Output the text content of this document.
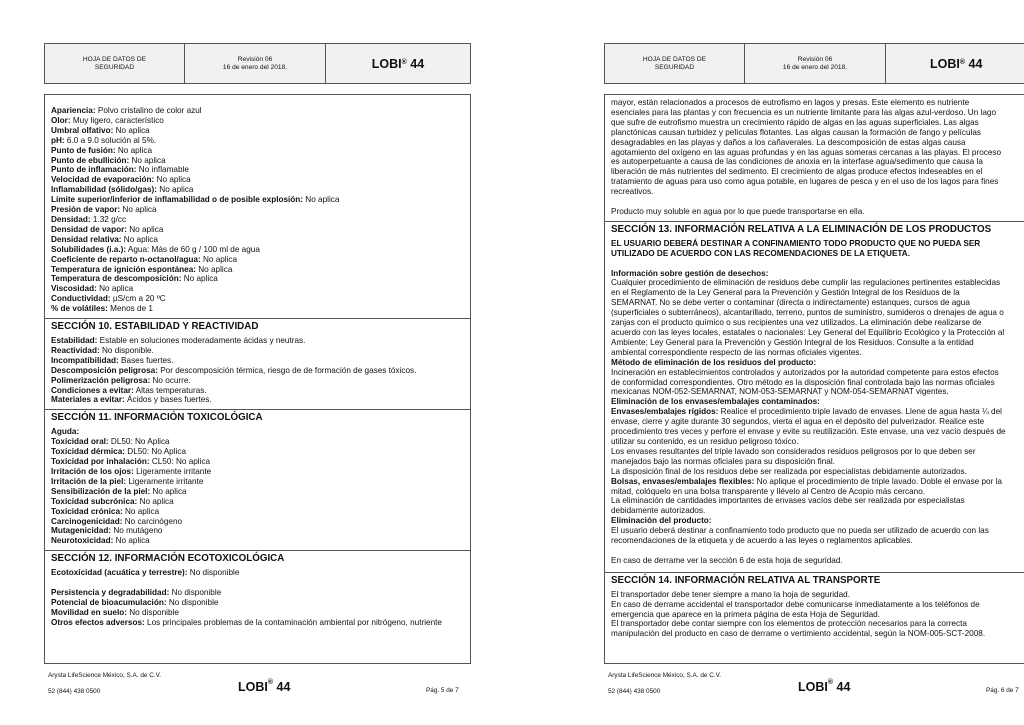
HOJA DE DATOS DE
SEGURIDAD
Revisión 06
16 de enero del 2018.	LOBI® 44
Apariencia: Polvo cristalino de color azul
Olor: Muy ligero, característico
Umbral olfativo: No aplica
pH: 6.0 a 9.0 solución al 5%.
Punto de fusión: No aplica
Punto de ebullición: No aplica
Punto de inflamación: No inflamable
Velocidad de evaporación: No aplica
Inflamabilidad (sólido/gas): No aplica
Límite superior/inferior de inflamabilidad o de posible explosión: No aplica
Presión de vapor: No aplica
Densidad: 1.32 g/cc
Densidad de vapor: No aplica
Densidad relativa: No aplica
Solubilidades (i.a.): Agua: Más de 60 g / 100 ml de agua
Coeficiente de reparto n-octanol/agua: No aplica
Temperatura de ignición espontánea: No aplica
Temperatura de descomposición: No aplica
Viscosidad: No aplica
Conductividad: µS/cm a 20 ºC
% de volátiles: Menos de 1
SECCIÓN 10. ESTABILIDAD Y REACTIVIDAD
Estabilidad: Estable en soluciones moderadamente ácidas y neutras.
Reactividad: No disponible.
Incompatibilidad: Bases fuertes.
Descomposición peligrosa: Por descomposición térmica, riesgo de de formación de gases tóxicos.
Polimerización peligrosa: No ocurre.
Condiciones a evitar: Altas temperaturas.
Materiales a evitar: Ácidos y bases fuertes.
SECCIÓN 11. INFORMACIÓN TOXICOLÓGICA
Aguda:
Toxicidad oral: DL50: No Aplica
Toxicidad dérmica: DL50: No Aplica
Toxicidad por inhalación: CL50: No aplica
Irritación de los ojos: Ligeramente irritante
Irritación de la piel: Ligeramente irritante
Sensibilización de la piel: No aplica
Toxicidad subcrónica: No aplica
Toxicidad crónica: No aplica
Carcinogenicidad: No carcinógeno
Mutagenicidad: No mutágeno
Neurotoxicidad: No aplica
SECCIÓN 12. INFORMACIÓN ECOTOXICOLÓGICA
Ecotoxicidad (acuática y terrestre): No disponible
Persistencia y degradabilidad: No disponible
Potencial de bioacumulación: No disponible
Movilidad en suelo: No disponible
Otros efectos adversos: Los principales problemas de la contaminación ambiental por nitrógeno, nutriente
Arysta LifeScience México, S.A. de C.V.
52 (844) 438 0500	LOBI® 44	Pág. 5 de 7
HOJA DE DATOS DE
SEGURIDAD
Revisión 06
16 de enero del 2018.	LOBI® 44
mayor, están relacionados a procesos de eutrofismo en lagos y presas. Este elemento es nutriente
esenciales para las plantas y con frecuencia es un nutriente limitante para las algas azul-verdoso. Un lago
que sufre de eutrofismo muestra un crecimiento rápido de algas en las aguas superficiales. Las algas
planctónicas causan turbidez y películas flotantes. Las algas causan la formación de fango y películas
desagradables en las playas y daños a los cañaverales. La descomposición de estas algas causa
agotamiento del oxígeno en las aguas profundas y en las aguas someras cercanas a las playas. El proceso
es autoperpetuante a causa de las condiciones de anoxia en la interfase agua/sedimento que causa la
liberación de más nutrientes del sedimento. El crecimiento de algas produce efectos indeseables en el
tratamiento de aguas para uso como agua potable, en lugares de pesca y en el uso de los lagos para fines
recreativos.
Producto muy soluble en agua por lo que puede transportarse en ella.
SECCIÓN 13. INFORMACIÓN RELATIVA A LA ELIMINACIÓN DE LOS PRODUCTOS
EL USUARIO DEBERÁ DESTINAR A CONFINAMIENTO TODO PRODUCTO QUE NO PUEDA SER
UTILIZADO DE ACUERDO CON LAS RECOMENDACIONES DE LA ETIQUETA.
Información sobre gestión de desechos:
Cualquier procedimiento de eliminación de residuos debe cumplir las regulaciones pertinentes establecidas
en el Reglamento de la Ley General para la Prevención y Gestión Integral de los Residuos de la
SEMARNAT. No se debe verter o contaminar (directa o indirectamente) estanques, cursos de agua
(superficiales o subterráneos), alcantarillado, terreno, puntos de suministro, sumideros o drenajes de agua o
zanjas con el producto químico o sus recipientes una vez utilizados. La eliminación debe realizarse de
acuerdo con las leyes locales, estatales o nacionales: Ley General del Equilibrio Ecológico y la Protección al
Ambiente; Ley General para la Prevención y Gestión Integral de los Residuos. Consulte a la entidad
ambiental correspondiente respecto de las normas oficiales vigentes.
Método de eliminación de los residuos del producto:
Incineración en establecimientos controlados y autorizados por la autoridad competente para estos efectos
de conformidad correspondientes. Otro método es la disposición final controlada bajo las normas oficiales
mexicanas NOM-052-SEMARNAT, NOM-053-SEMARNAT y NOM-054-SEMARNAT vigentes.
Eliminación de los envases/embalajes contaminados:
Envases/embalajes rígidos: Realice el procedimiento triple lavado de envases. Llene de agua hasta ¼ del
envase, cierre y agite durante 30 segundos, vierta el agua en el depósito del pulverizador. Realice este
procedimiento tres veces y perfore el envase y evite su reutilización. Este envase, una vez vacío después de
utilizar su contenido, es un residuo peligroso tóxico.
Los envases resultantes del triple lavado son considerados residuos peligrosos por lo que deben ser
manejados bajo las normas oficiales para su disposición final.
La disposición final de los residuos debe ser realizada por especialistas debidamente autorizados.
Bolsas, envases/embalajes flexibles: No aplique el procedimiento de triple lavado. Doble el envase por la
mitad, colóquelo en una bolsa transparente y llévelo al Centro de Acopio más cercano.
La eliminación de cantidades importantes de envases vacíos debe ser realizada por especialistas
debidamente autorizados.
Eliminación del producto:
El usuario deberá destinar a confinamiento todo producto que no pueda ser utilizado de acuerdo con las
recomendaciones de la etiqueta y de acuerdo a las leyes o reglamentos aplicables.
En caso de derrame ver la sección 6 de esta hoja de seguridad.
SECCIÓN 14. INFORMACIÓN RELATIVA AL TRANSPORTE
El transportador debe tener siempre a mano la hoja de seguridad.
En caso de derrame accidental el transportador debe comunicarse inmediatamente a los teléfonos de
emergencia que aparece en la primera página de esta Hoja de Seguridad.
El transportador debe contar siempre con los elementos de protección necesarios para la correcta
manipulación del producto en caso de derrame o vertimiento accidental, según la NOM-005-SCT-2008.
Arysta LifeScience México, S.A. de C.V.
52 (844) 438 0500	LOBI® 44	Pág. 6 de 7
